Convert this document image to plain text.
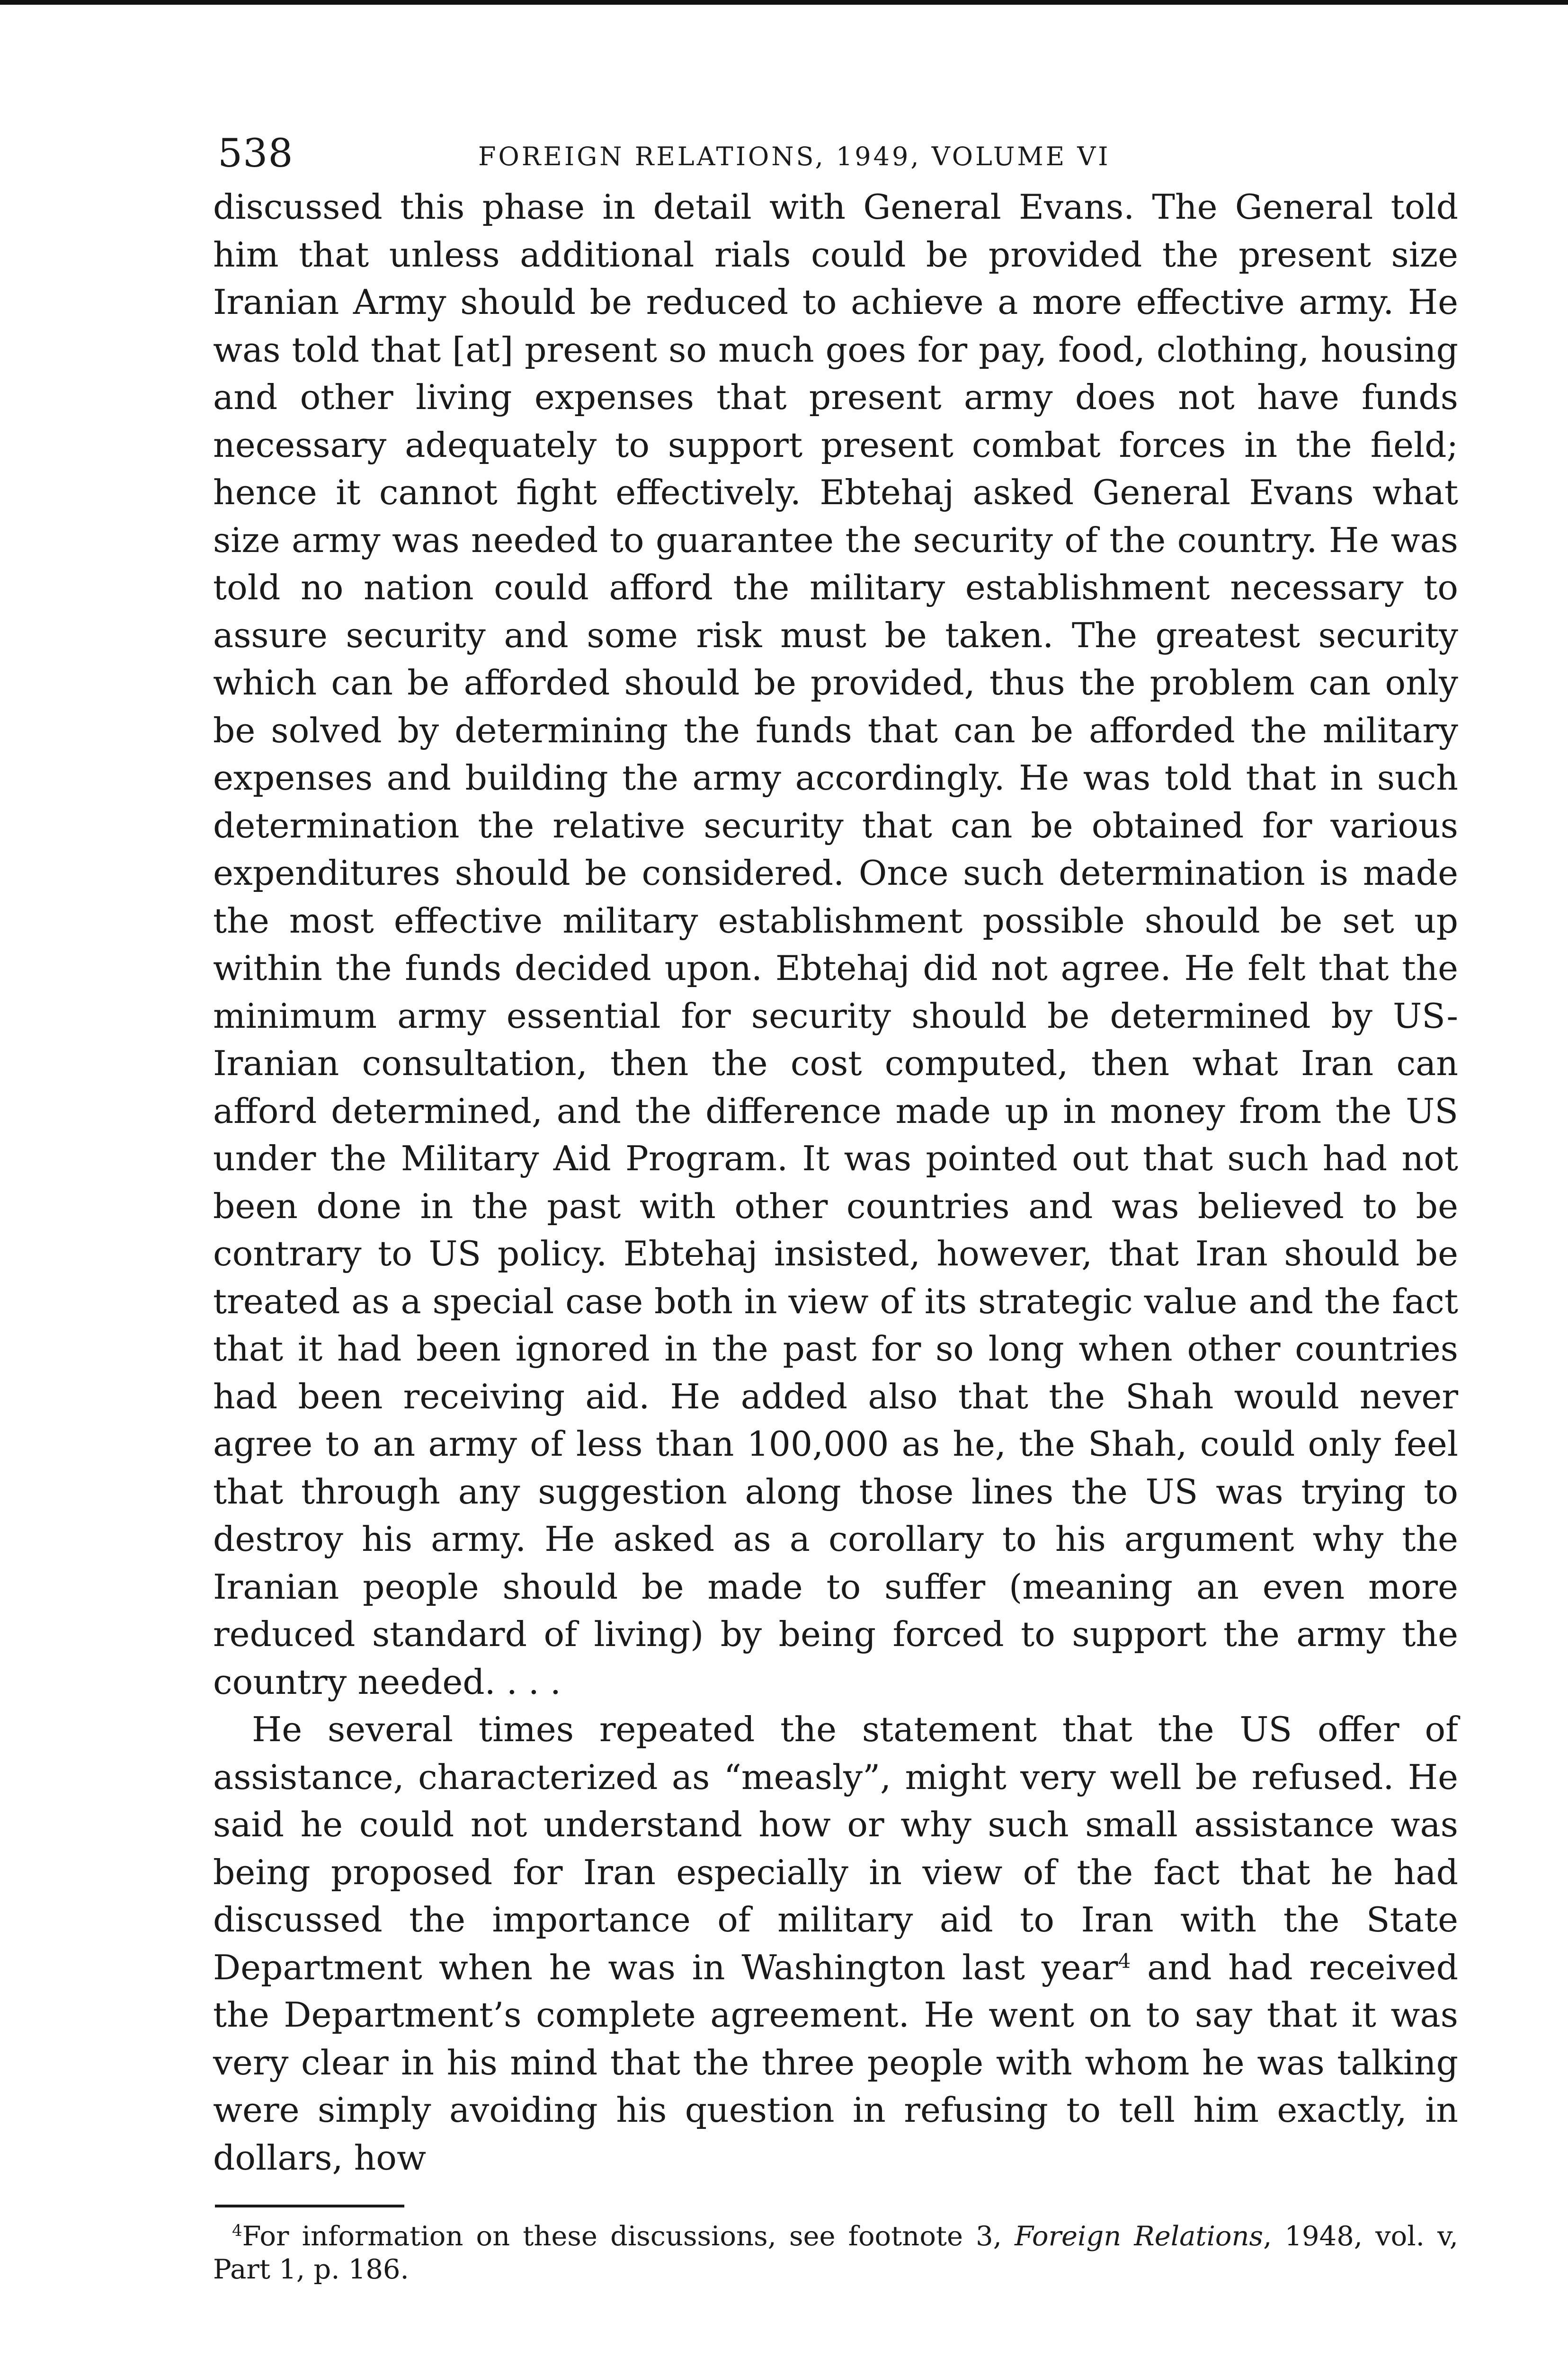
538	FOREIGN RELATIONS, 1949, VOLUME VI

discussed this phase in detail with General Evans. The General told him that unless additional rials could be provided the present size Iranian Army should be reduced to achieve a more effective army. He was told that [at] present so much goes for pay, food, clothing, housing and other living expenses that present army does not have funds necessary adequately to support present combat forces in the field; hence it cannot fight effectively. Ebtehaj asked General Evans what size army was needed to guarantee the security of the country. He was told no nation could afford the military establishment necessary to assure security and some risk must be taken. The greatest security which can be afforded should be provided, thus the problem can only be solved by determining the funds that can be afforded the military expenses and building the army accordingly. He was told that in such determination the relative security that can be obtained for various expenditures should be considered. Once such determination is made the most effective military establishment possible should be set up within the funds decided upon. Ebtehaj did not agree. He felt that the minimum army essential for security should be determined by US-Iranian consultation, then the cost computed, then what Iran can afford determined, and the difference made up in money from the US under the Military Aid Program. It was pointed out that such had not been done in the past with other countries and was believed to be contrary to US policy. Ebtehaj insisted, however, that Iran should be treated as a special case both in view of its strategic value and the fact that it had been ignored in the past for so long when other countries had been receiving aid. He added also that the Shah would never agree to an army of less than 100,000 as he, the Shah, could only feel that through any suggestion along those lines the US was trying to destroy his army. He asked as a corollary to his argument why the Iranian people should be made to suffer (meaning an even more reduced standard of living) by being forced to support the army the country needed. . . .

He several times repeated the statement that the US offer of assistance, characterized as “measly”, might very well be refused. He said he could not understand how or why such small assistance was being proposed for Iran especially in view of the fact that he had discussed the importance of military aid to Iran with the State Department when he was in Washington last year$^4$ and had received the Department’s complete agreement. He went on to say that it was very clear in his mind that the three people with whom he was talking were simply avoiding his question in refusing to tell him exactly, in dollars, how

$^4$For information on these discussions, see footnote 3, Foreign Relations, 1948, vol. v, Part 1, p. 186.
